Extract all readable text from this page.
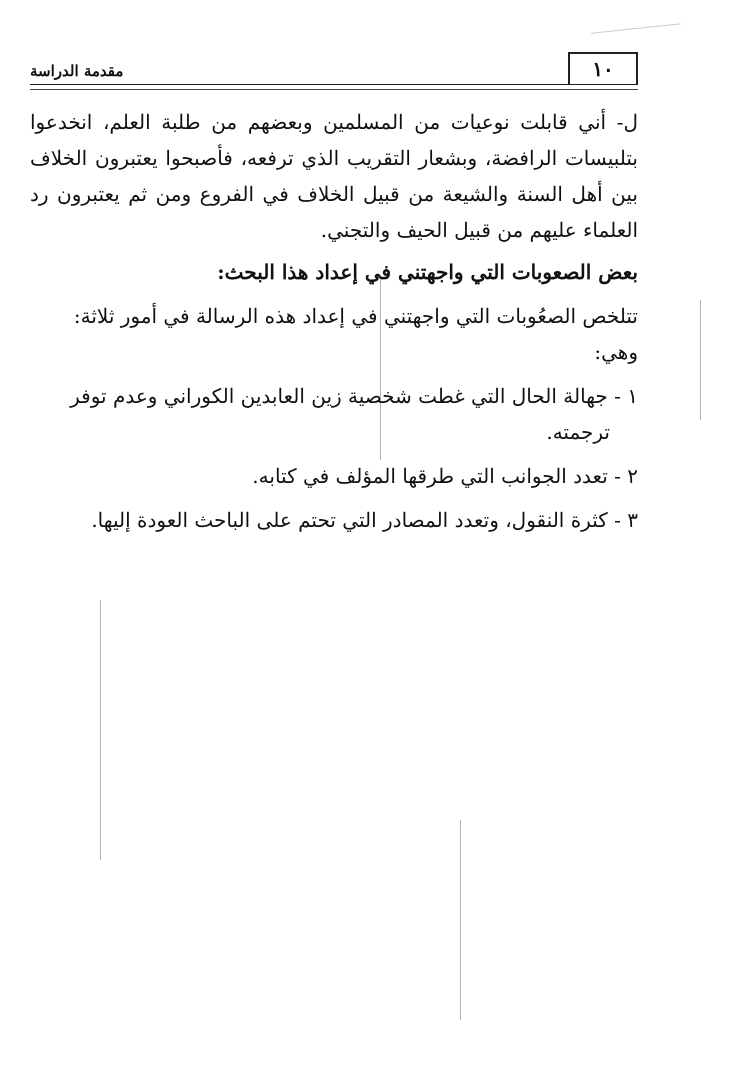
١٠
مقدمة الدراسة

ل- أني قابلت نوعيات من المسلمين وبعضهم من طلبة العلم، انخدعوا بتلبيسات الرافضة، وبشعار التقريب الذي ترفعه، فأصبحوا يعتبرون الخلاف بين أهل السنة والشيعة من قبيل الخلاف في الفروع ومن ثم يعتبرون رد العلماء عليهم من قبيل الحيف والتجني.

بعض الصعوبات التي واجهتني في إعداد هذا البحث:

تتلخص الصعُوبات التي واجهتني في إعداد هذه الرسالة في أمور ثلاثة:

وهي:

١ - جهالة الحال التي غطت شخصية زين العابدين الكوراني وعدم توفر ترجمته.

٢ - تعدد الجوانب التي طرقها المؤلف في كتابه.

٣ - كثرة النقول، وتعدد المصادر التي تحتم على الباحث العودة إليها.
